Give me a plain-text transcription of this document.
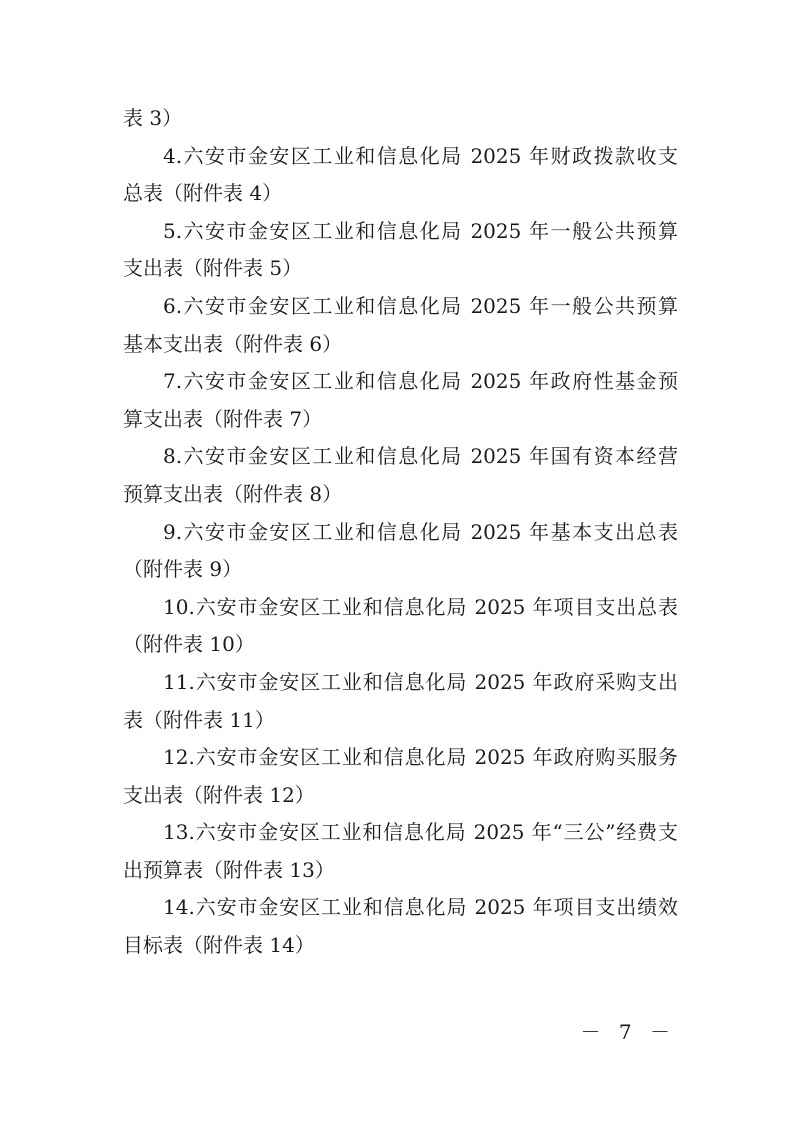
表 3）
4.六安市金安区工业和信息化局 2025 年财政拨款收支
总表（附件表 4）
5.六安市金安区工业和信息化局 2025 年一般公共预算
支出表（附件表 5）
6.六安市金安区工业和信息化局 2025 年一般公共预算
基本支出表（附件表 6）
7.六安市金安区工业和信息化局 2025 年政府性基金预
算支出表（附件表 7）
8.六安市金安区工业和信息化局 2025 年国有资本经营
预算支出表（附件表 8）
9.六安市金安区工业和信息化局 2025 年基本支出总表
（附件表 9）
10.六安市金安区工业和信息化局 2025 年项目支出总表
（附件表 10）
11.六安市金安区工业和信息化局 2025 年政府采购支出
表（附件表 11）
12.六安市金安区工业和信息化局 2025 年政府购买服务
支出表（附件表 12）
13.六安市金安区工业和信息化局 2025 年“三公”经费支
出预算表（附件表 13）
14.六安市金安区工业和信息化局 2025 年项目支出绩效
目标表（附件表 14）
－ 7 －
